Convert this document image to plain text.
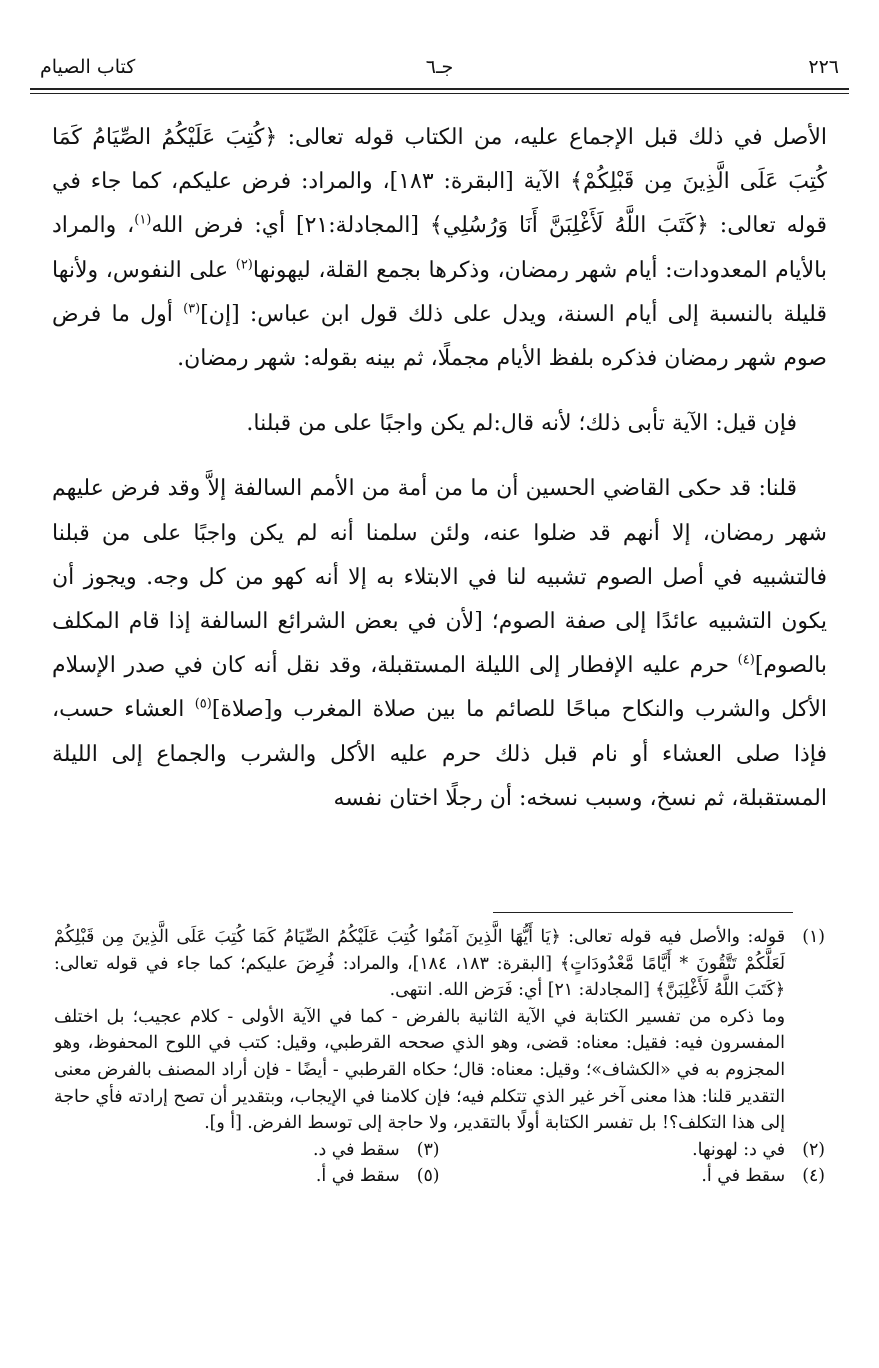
٢٢٦
جـ٦
كتاب الصيام

الأصل في ذلك قبل الإجماع عليه، من الكتاب قوله تعالى: ﴿كُتِبَ عَلَيْكُمُ الصِّيَامُ كَمَا كُتِبَ عَلَى الَّذِينَ مِن قَبْلِكُمْ﴾ الآية [البقرة: ١٨٣]، والمراد: فرض عليكم، كما جاء في قوله تعالى: ﴿كَتَبَ اللَّهُ لَأَغْلِبَنَّ أَنَا وَرُسُلِي﴾ [المجادلة:٢١] أي: فرض الله$^{(١)}$، والمراد بالأيام المعدودات: أيام شهر رمضان، وذكرها بجمع القلة، ليهونها$^{(٢)}$ على النفوس، ولأنها قليلة بالنسبة إلى أيام السنة، ويدل على ذلك قول ابن عباس: [إن]$^{(٣)}$ أول ما فرض صوم شهر رمضان فذكره بلفظ الأيام مجملًا، ثم بينه بقوله: شهر رمضان.

فإن قيل: الآية تأبى ذلك؛ لأنه قال:لم يكن واجبًا على من قبلنا.

قلنا: قد حكى القاضي الحسين أن ما من أمة من الأمم السالفة إلاَّ وقد فرض عليهم شهر رمضان، إلا أنهم قد ضلوا عنه، ولئن سلمنا أنه لم يكن واجبًا على من قبلنا فالتشبيه في أصل الصوم تشبيه لنا في الابتلاء به إلا أنه كهو من كل وجه. ويجوز أن يكون التشبيه عائدًا إلى صفة الصوم؛ [لأن في بعض الشرائع السالفة إذا قام المكلف بالصوم]$^{(٤)}$ حرم عليه الإفطار إلى الليلة المستقبلة، وقد نقل أنه كان في صدر الإسلام الأكل والشرب والنكاح مباحًا للصائم ما بين صلاة المغرب و[صلاة]$^{(٥)}$ العشاء حسب، فإذا صلى العشاء أو نام قبل ذلك حرم عليه الأكل والشرب والجماع إلى الليلة المستقبلة، ثم نسخ، وسبب نسخه: أن رجلًا اختان نفسه

(١)

قوله: والأصل فيه قوله تعالى: ﴿يَا أَيُّهَا الَّذِينَ آمَنُوا كُتِبَ عَلَيْكُمُ الصِّيَامُ كَمَا كُتِبَ عَلَى الَّذِينَ مِن قَبْلِكُمْ لَعَلَّكُمْ تَتَّقُونَ * أَيَّامًا مَّعْدُودَاتٍ﴾ [البقرة: ١٨٣، ١٨٤]، والمراد: فُرِضَ عليكم؛ كما جاء في قوله تعالى: ﴿كَتَبَ اللَّهُ لَأَغْلِبَنَّ﴾ [المجادلة: ٢١] أي: فَرَض الله. انتهى.

وما ذكره من تفسير الكتابة في الآية الثانية بالفرض - كما في الآية الأولى - كلام عجيب؛ بل اختلف المفسرون فيه: فقيل: معناه: قضى، وهو الذي صححه القرطبي، وقيل: كتب في اللوح المحفوظ، وهو المجزوم به في «الكشاف»؛ وقيل: معناه: قال؛ حكاه القرطبي - أيضًا - فإن أراد المصنف بالفرض معنى التقدير قلنا: هذا معنى آخر غير الذي تتكلم فيه؛ فإن كلامنا في الإيجاب، وبتقدير أن تصح إرادته فأي حاجة إلى هذا التكلف؟! بل تفسر الكتابة أولًا بالتقدير، ولا حاجة إلى توسط الفرض. [أ و].

(٢)
في د: لهونها.
(٣)
سقط في د.
(٤)
سقط في أ.
(٥)
سقط في أ.
